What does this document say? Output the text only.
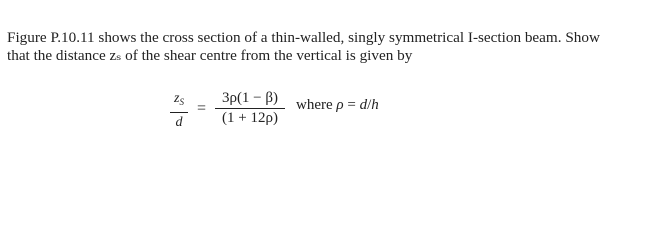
Figure P.10.11 shows the cross section of a thin-walled, singly symmetrical I-section beam. Show
that the distance zₛ of the shear centre from the vertical is given by

$z_S$
d
=
3ρ(1 − β)
(1 + 12ρ)
where ρ = d/h
